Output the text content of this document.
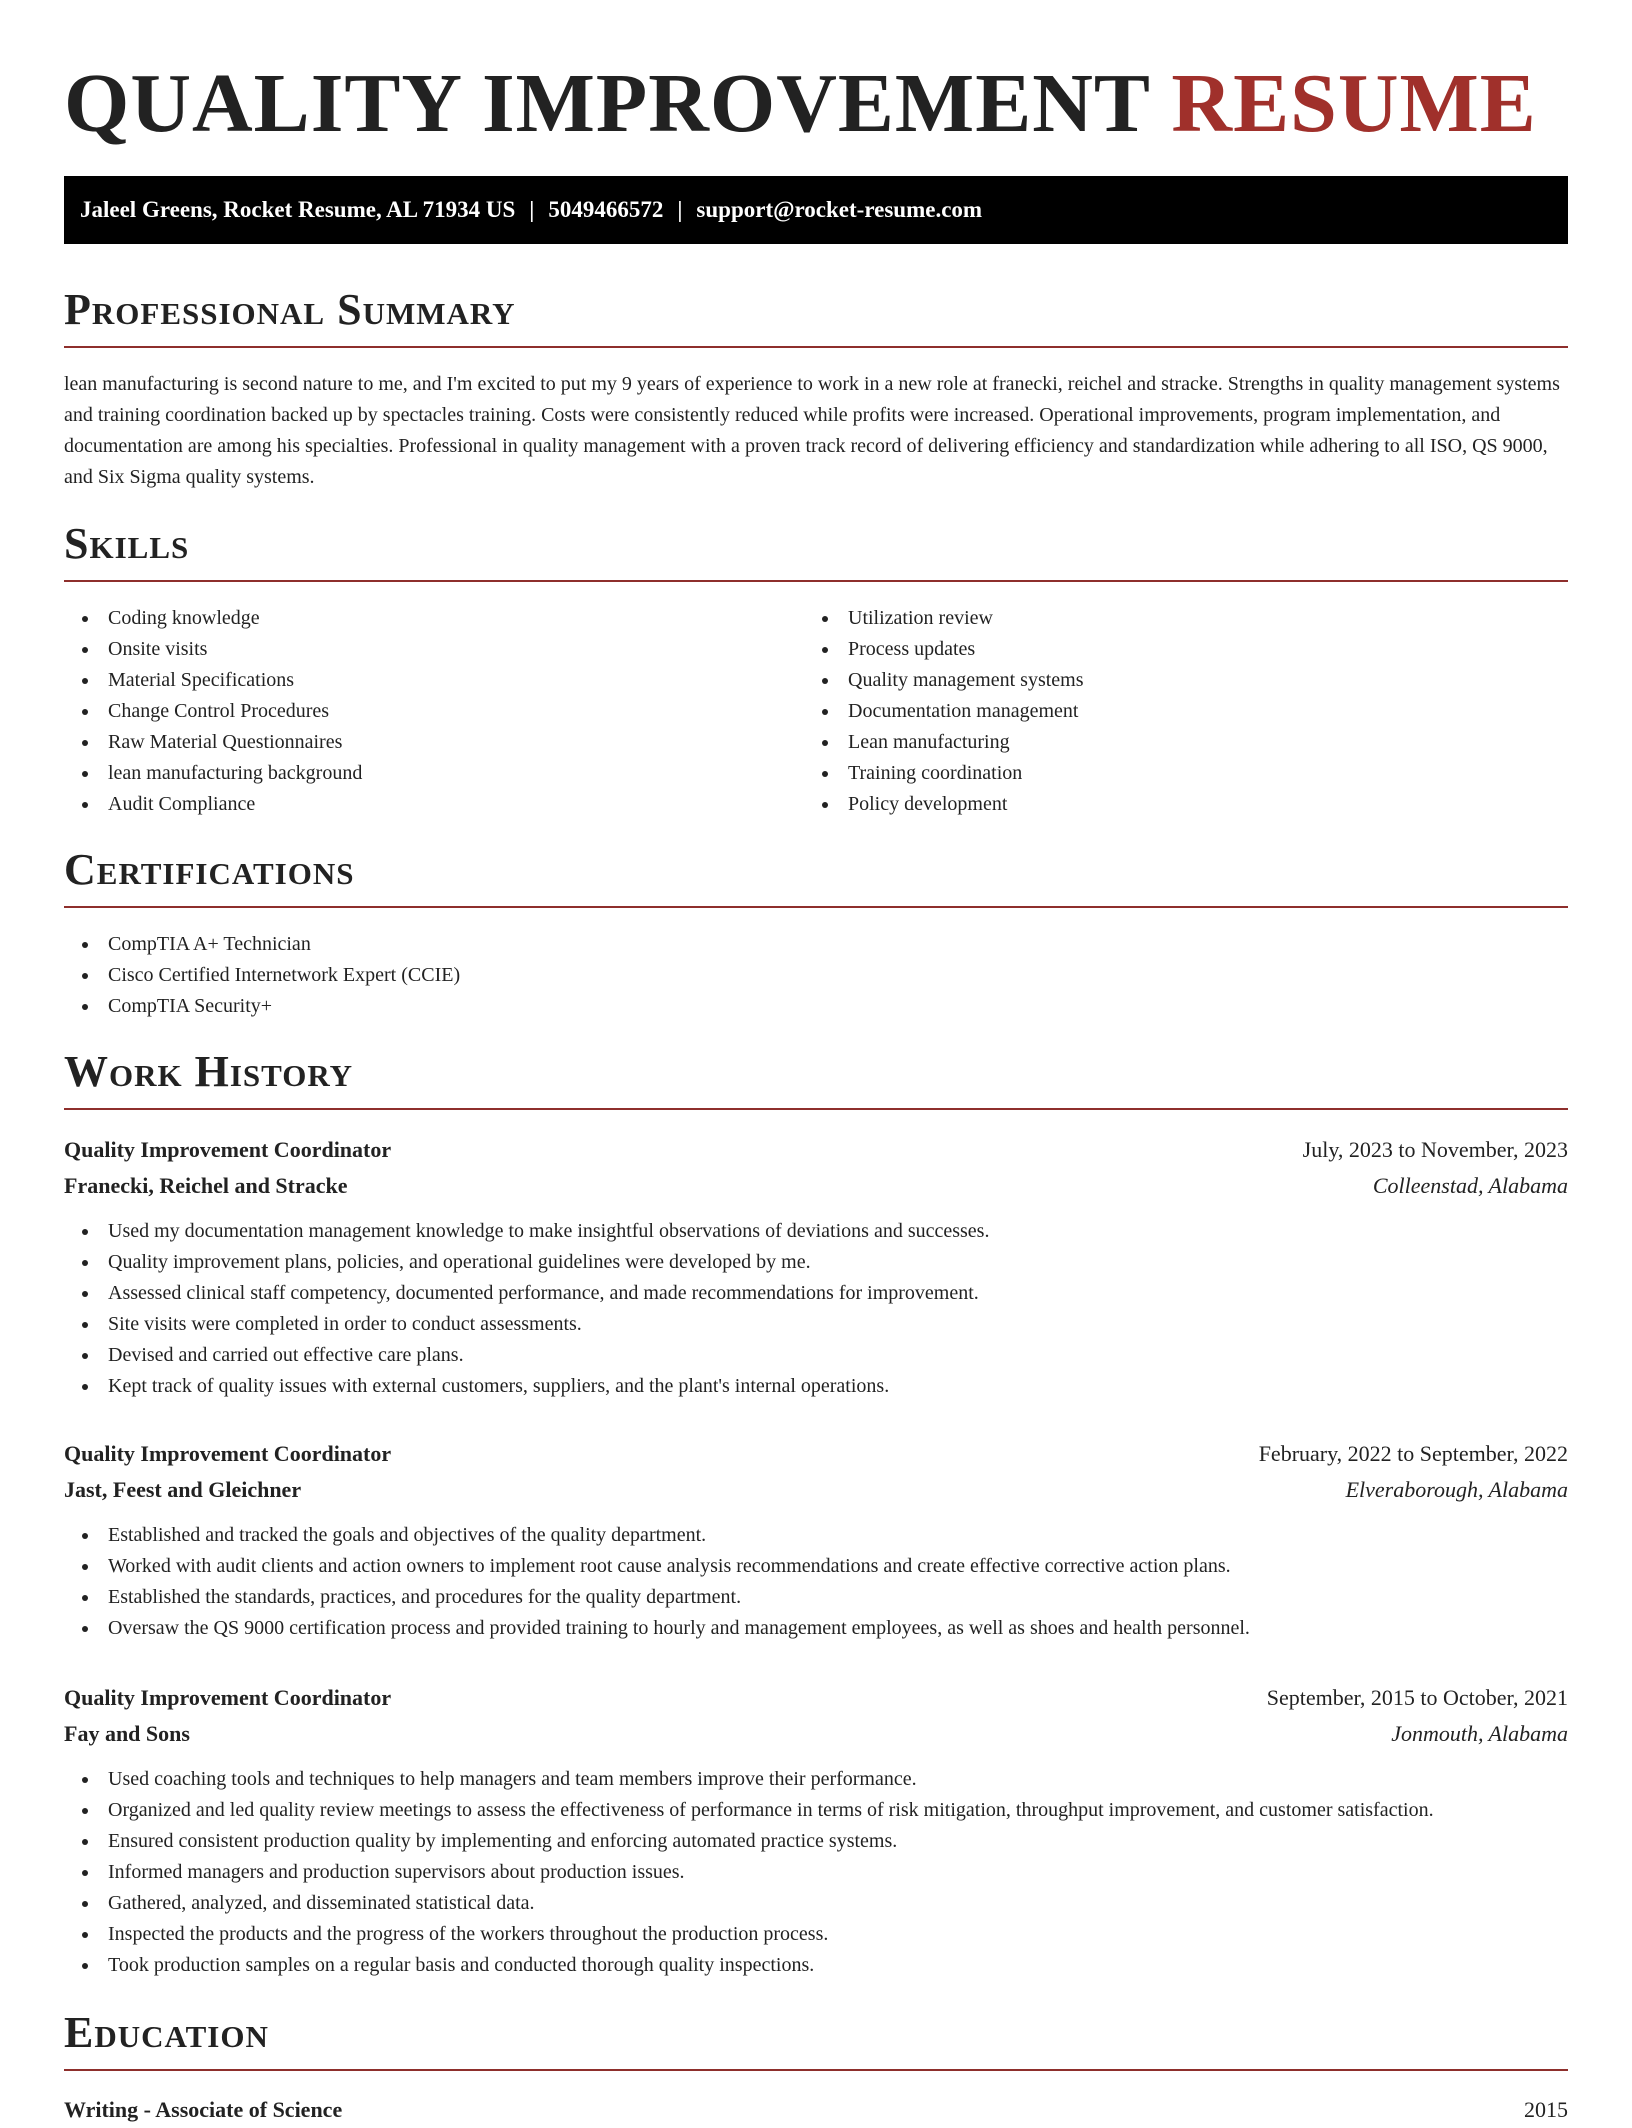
QUALITY IMPROVEMENT RESUME
Jaleel Greens, Rocket Resume, AL 71934 US | 5049466572 | support@rocket-resume.com
Professional Summary

lean manufacturing is second nature to me, and I'm excited to put my 9 years of experience to work in a new role at franecki, reichel and stracke. Strengths in quality management systems and training coordination backed up by spectacles training. Costs were consistently reduced while profits were increased. Operational improvements, program implementation, and documentation are among his specialties. Professional in quality management with a proven track record of delivering efficiency and standardization while adhering to all ISO, QS 9000, and Six Sigma quality systems.

Skills
Coding knowledge
Onsite visits
Material Specifications
Change Control Procedures
Raw Material Questionnaires
lean manufacturing background
Audit Compliance
Utilization review
Process updates
Quality management systems
Documentation management
Lean manufacturing
Training coordination
Policy development
Certifications
CompTIA A+ Technician
Cisco Certified Internetwork Expert (CCIE)
CompTIA Security+
Work History
Quality Improvement Coordinator	July, 2023 to November, 2023
Franecki, Reichel and Stracke	Colleenstad, Alabama
Used my documentation management knowledge to make insightful observations of deviations and successes.
Quality improvement plans, policies, and operational guidelines were developed by me.
Assessed clinical staff competency, documented performance, and made recommendations for improvement.
Site visits were completed in order to conduct assessments.
Devised and carried out effective care plans.
Kept track of quality issues with external customers, suppliers, and the plant's internal operations.
Quality Improvement Coordinator	February, 2022 to September, 2022
Jast, Feest and Gleichner	Elveraborough, Alabama
Established and tracked the goals and objectives of the quality department.
Worked with audit clients and action owners to implement root cause analysis recommendations and create effective corrective action plans.
Established the standards, practices, and procedures for the quality department.
Oversaw the QS 9000 certification process and provided training to hourly and management employees, as well as shoes and health personnel.
Quality Improvement Coordinator	September, 2015 to October, 2021
Fay and Sons	Jonmouth, Alabama
Used coaching tools and techniques to help managers and team members improve their performance.
Organized and led quality review meetings to assess the effectiveness of performance in terms of risk mitigation, throughput improvement, and customer satisfaction.
Ensured consistent production quality by implementing and enforcing automated practice systems.
Informed managers and production supervisors about production issues.
Gathered, analyzed, and disseminated statistical data.
Inspected the products and the progress of the workers throughout the production process.
Took production samples on a regular basis and conducted thorough quality inspections.
Education
Writing - Associate of Science	2015
